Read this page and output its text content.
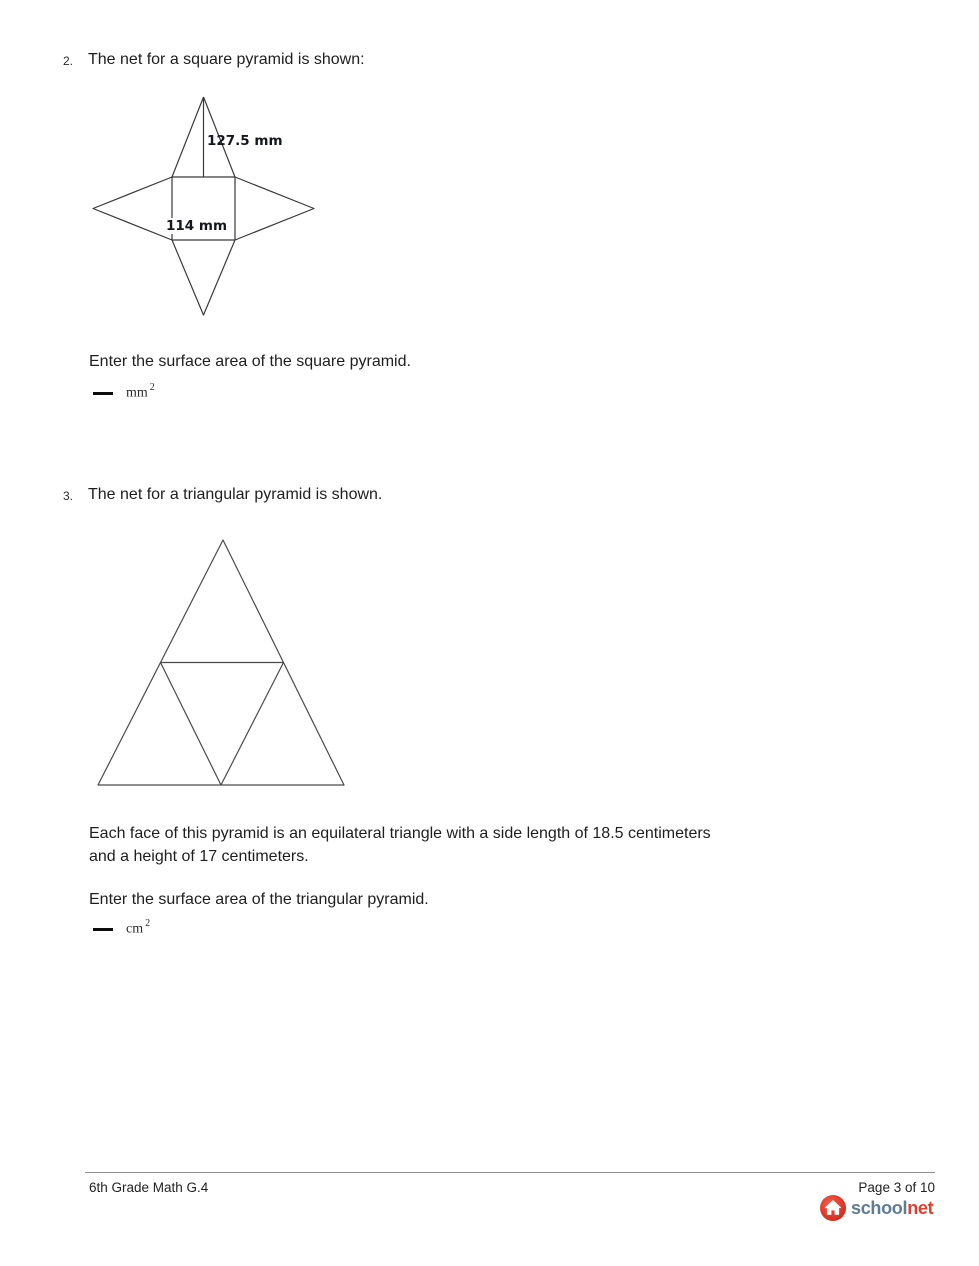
2. The net for a square pyramid is shown:
127.5 mm
114 mm
Enter the surface area of the square pyramid.
mm $^2$
3. The net for a triangular pyramid is shown.
Each face of this pyramid is an equilateral triangle with a side length of 18.5 centimeters
and a height of 17 centimeters.
Enter the surface area of the triangular pyramid.
cm $^2$
6th Grade Math G.4	Page 3 of 10
schoolnet
